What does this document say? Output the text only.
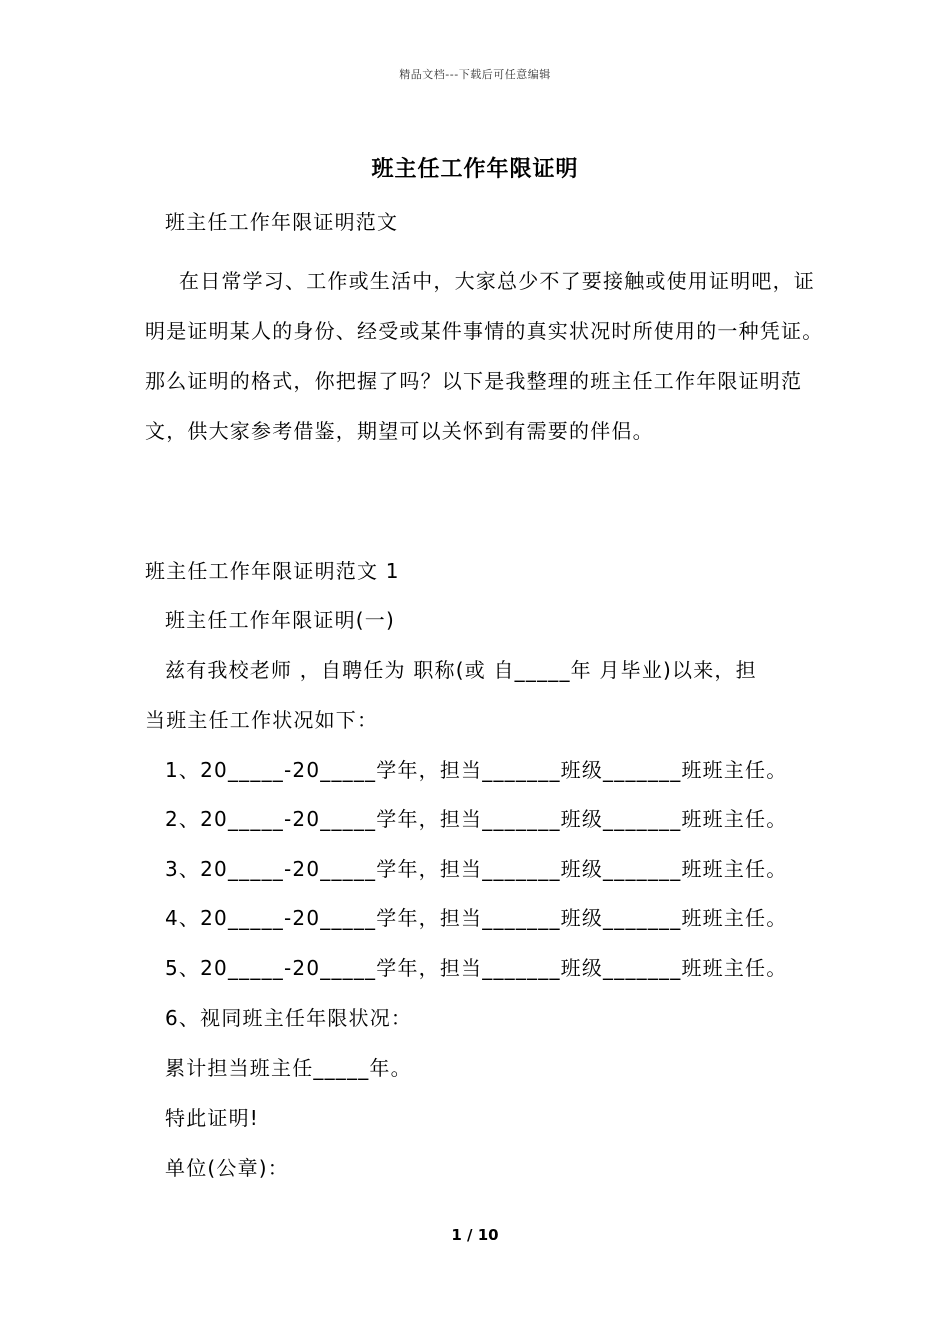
精品文档---下载后可任意编辑
班主任工作年限证明
班主任工作年限证明范文

在日常学习、工作或生活中，大家总少不了要接触或使用证明吧，证明是证明某人的身份、经受或某件事情的真实状况时所使用的一种凭证。那么证明的格式，你把握了吗？以下是我整理的班主任工作年限证明范文，供大家参考借鉴，期望可以关怀到有需要的伴侣。

班主任工作年限证明范文 1
班主任工作年限证明(一)
兹有我校老师 ，自聘任为 职称(或 自_____年 月毕业)以来，担
当班主任工作状况如下：
1、20_____-20_____学年，担当_______班级_______班班主任。
2、20_____-20_____学年，担当_______班级_______班班主任。
3、20_____-20_____学年，担当_______班级_______班班主任。
4、20_____-20_____学年，担当_______班级_______班班主任。
5、20_____-20_____学年，担当_______班级_______班班主任。
6、视同班主任年限状况：
累计担当班主任_____年。
特此证明!
单位(公章)：
1 / 10
